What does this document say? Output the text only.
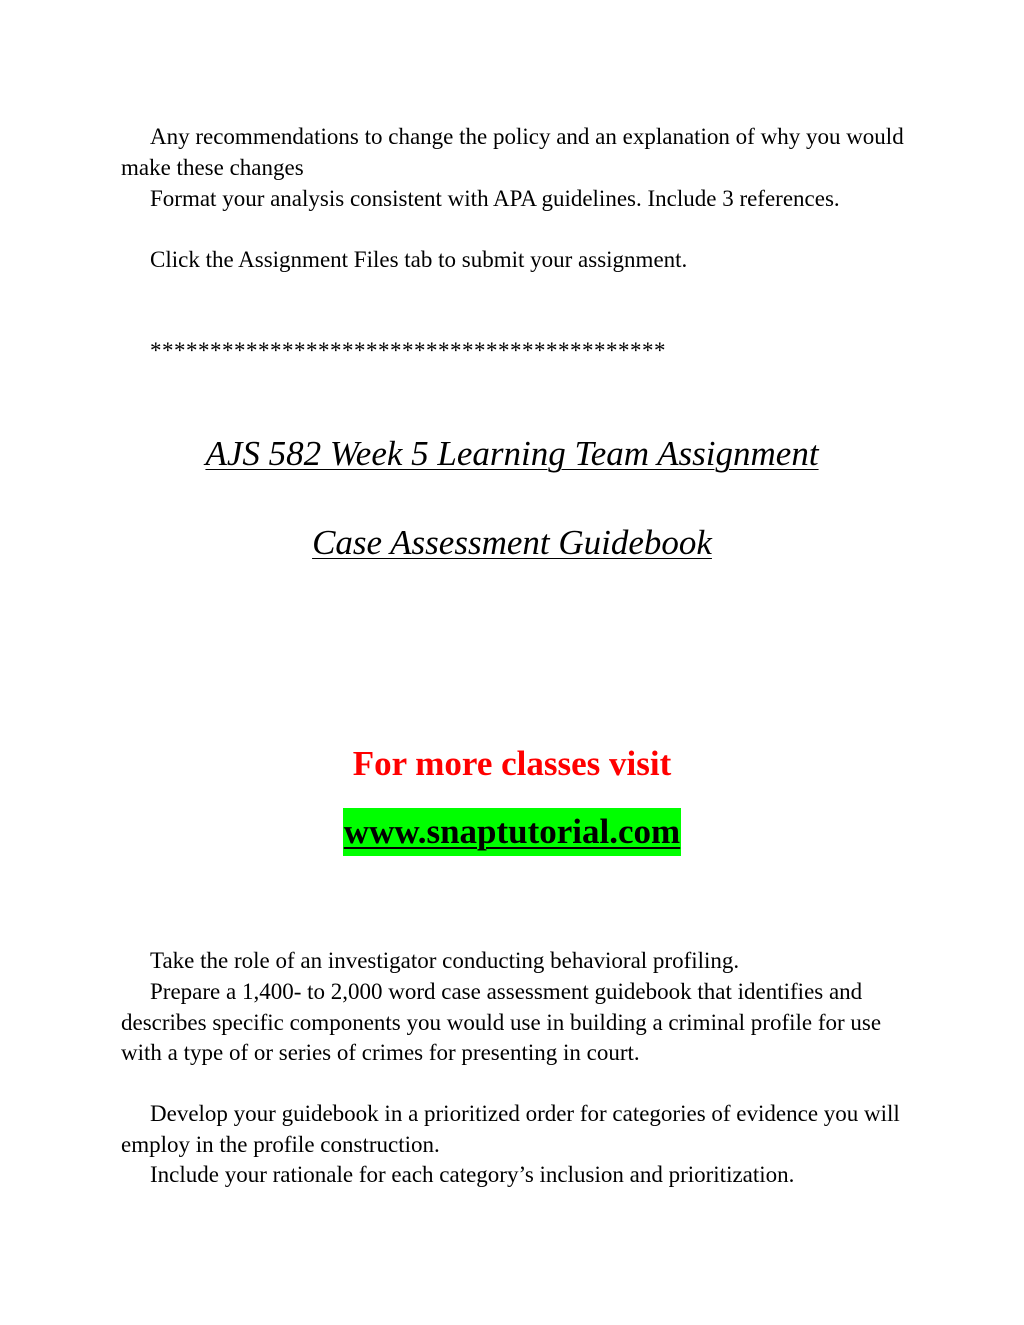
Any recommendations to change the policy and an explanation of why you would make these changes

Format your analysis consistent with APA guidelines. Include 3 references.

Click the Assignment Files tab to submit your assignment.

*******************************************
AJS 582 Week 5 Learning Team Assignment
Case Assessment Guidebook
For more classes visit
www.snaptutorial.com

Take the role of an investigator conducting behavioral profiling.

Prepare a 1,400- to 2,000 word case assessment guidebook that identifies and describes specific components you would use in building a criminal profile for use with a type of or series of crimes for presenting in court.

Develop your guidebook in a prioritized order for categories of evidence you will employ in the profile construction.

Include your rationale for each category’s inclusion and prioritization.
